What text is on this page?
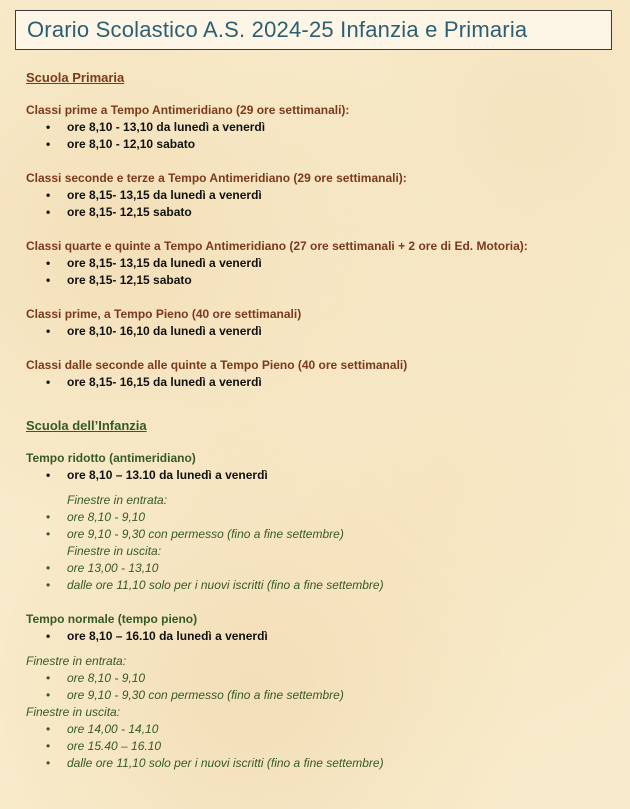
Orario Scolastico A.S. 2024-25 Infanzia e Primaria

Scuola Primaria

Classi prime a Tempo Antimeridiano (29 ore settimanali):

• ore 8,10 - 13,10 da lunedì a venerdì
• ore 8,10 - 12,10 sabato

Classi seconde e terze a Tempo Antimeridiano (29 ore settimanali):

• ore 8,15- 13,15 da lunedì a venerdì
• ore 8,15- 12,15 sabato

Classi quarte e quinte a Tempo Antimeridiano (27 ore settimanali + 2 ore di Ed. Motoria):

• ore 8,15- 13,15 da lunedì a venerdì
• ore 8,15- 12,15 sabato

Classi prime, a Tempo Pieno (40 ore settimanali)

• ore 8,10- 16,10 da lunedì a venerdì

Classi dalle seconde alle quinte a Tempo Pieno (40 ore settimanali)

• ore 8,15- 16,15 da lunedì a venerdì

Scuola dell’Infanzia

Tempo ridotto (antimeridiano)

• ore 8,10 – 13.10 da lunedì a venerdì

Finestre in entrata:

• ore 8,10 - 9,10
• ore 9,10 - 9,30 con permesso (fino a fine settembre)

Finestre in uscita:

• ore 13,00 - 13,10
• dalle ore 11,10 solo per i nuovi iscritti (fino a fine settembre)

Tempo normale (tempo pieno)

• ore 8,10 – 16.10 da lunedì a venerdì

Finestre in entrata:

• ore 8,10 - 9,10
• ore 9,10 - 9,30 con permesso (fino a fine settembre)

Finestre in uscita:

• ore 14,00 - 14,10
• ore 15.40 – 16.10
• dalle ore 11,10 solo per i nuovi iscritti (fino a fine settembre)
